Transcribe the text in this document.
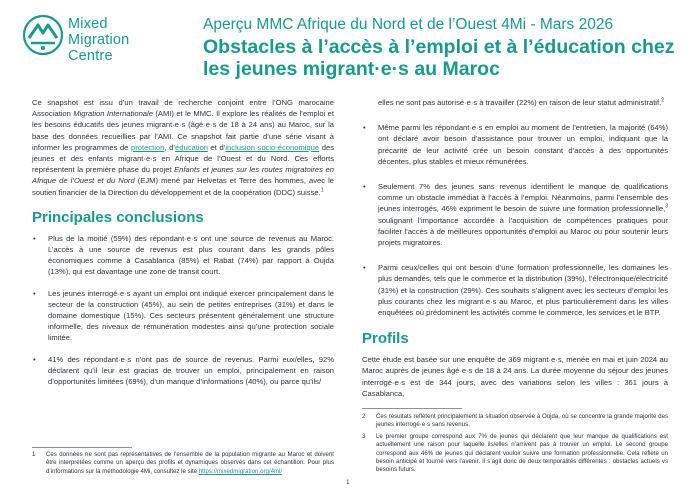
Mixed
Migration
Centre
Aperçu MMC Afrique du Nord et de l’Ouest 4Mi - Mars 2026
Obstacles à l’accès à l’emploi et à l’éducation chez les jeunes migrant·e·s au Maroc

Ce snapshot est issu d’un travail de recherche conjoint entre l’ONG marocaine Association Migration Internationale (AMI) et le MMC. Il explore les réalités de l’emploi et les besoins éducatifs des jeunes migrant·e·s (âgé·e·s de 18 à 24 ans) au Maroc, sur la base des données recueillies par l’AMI. Ce snapshot fait partie d’une série visant à informer les programmes de protection, d’éducation et d’inclusion socio-économique des jeunes et des enfants migrant·e·s en Afrique de l’Ouest et du Nord. Ces efforts représentent la première phase du projet Enfants et jeunes sur les routes migratoires en Afrique de l’Ouest et du Nord (EJM) mené par Helvetas et Terre des hommes, avec le soutien financier de la Direction du développement et de la coopération (DDC) suisse.$^1$

Principales conclusions
• Plus de la moitié (59%) des répondant·e·s ont une source de revenus au Maroc. L’accès à une source de revenus est plus courant dans les grands pôles économiques comme à Casablanca (85%) et Rabat (74%) par rapport à Oujda (13%), qui est davantage une zone de transit court.
• Les jeunes interrogé·e·s ayant un emploi ont indiqué exercer principalement dans le secteur de la construction (45%), au sein de petites entreprises (31%) et dans le domaine domestique (15%). Ces secteurs présentent généralement une structure informelle, des niveaux de rémunération modestes ainsi qu’une protection sociale limitée.
• 41% des répondant·e·s n’ont pas de source de revenus. Parmi eux/elles, 92% déclarent qu’il leur est gracias de trouver un emploi, principalement en raison d’opportunités limitées (69%), d’un manque d’informations (40%), ou parce qu’ils/
1 Ces données ne sont pas représentatives de l’ensemble de la population migrante au Maroc et doivent être interprétées comme un aperçu des profils et dynamiques observés dans cet échantillon. Pour plus d’informations sur la méthodologie 4Mi, consultez le site https://mixedmigration.org/4mi/

elles ne sont pas autorisé·e·s à travailler (22%) en raison de leur statut administratif.$^2$

• Même parmi les répondant·e·s en emploi au moment de l’entretien, la majorité (64%) ont déclaré avoir besoin d’assistance pour trouver un emploi, indiquant que la précarité de leur activité crée un besoin constant d’accès à des opportunités décentes, plus stables et mieux rémunérées.
• Seulement 7% des jeunes sans revenus identifient le manque de qualifications comme un obstacle immédiat à l’accès à l’emploi. Néanmoins, parmi l’ensemble des jeunes interrogés, 46% expriment le besoin de suivre une formation professionnelle,$^3$ soulignant l’importance accordée à l’acquisition de compétences pratiques pour faciliter l’accès à de meilleures opportunités d’emploi au Maroc ou pour soutenir leurs projets migratoires.
• Parmi ceux/celles qui ont besoin d’une formation professionnelle, les domaines les plus demandés, tels que le commerce et la distribution (39%), l’électronique/électricité (31%) et la construction (29%). Ces souhaits s’alignent avec les secteurs d’emploi les plus courants chez les migrant·e·s au Maroc, et plus particulièrement dans les villes enquêtées où prédominent les activités comme le commerce, les services et le BTP.
Profils

Cette étude est basée sur une enquête de 369 migrant·e·s, menée en mai et juin 2024 au Maroc auprès de jeunes âgé·e·s de 18 à 24 ans. La durée moyenne du séjour des jeunes interrogé·e·s est de 344 jours, avec des variations selon les villes : 361 jours à Casablanca,

2 Ces résultats reflètent principalement la situation observée à Oujda, où se concentre la grande majorité des jeunes interrogé·e·s sans revenus.
3 Le premier groupe correspond aux 7% de jeunes qui déclarent que leur manque de qualifications est actuellement une raison pour laquelle ils/elles n’arrivent pas à trouver un emploi. Le second groupe correspond aux 46% de jeunes qui déclarent vouloir suivre une formation professionnelle. Cela reflète un besoin anticipé et tourné vers l’avenir. Il s’agit donc de deux temporalités différentes : obstacles actuels vs besoins futurs.
1
